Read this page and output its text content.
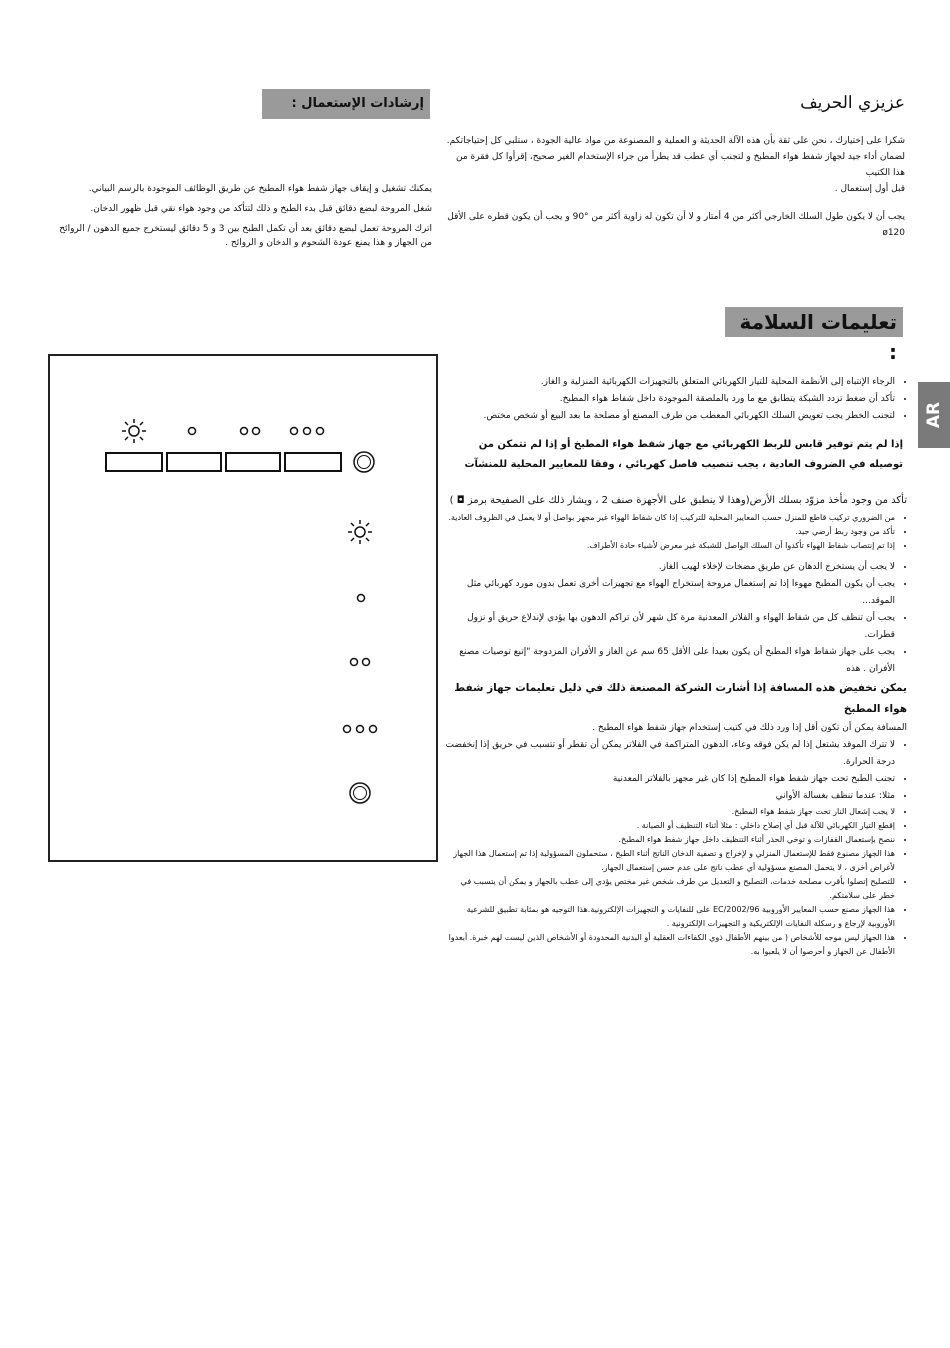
إرشادات الإستعمال :	عزيزي الحريف

شكرا على إختيارك ، نحن على ثقة بأن هذه الآلة الحديثة و العملية و المصنوعة من مواد عالية الجودة ، ستلبي كل إحتياجاتكم.
لضمان أداء جيد لجهاز شفط هواء المطبخ و لتجنب أي عطب قد يطرأ من جراء الإستخدام الغير صحيح، إقرأوا كل فقرة من هذا الكتيب
قبل أول إستعمال .

يجب أن لا يكون طول السلك الخارجي أكثر من 4 أمتار و لا أن تكون له زاوية أكثر من °90 و يجب أن يكون قطره على الأقل ø120

يمكنك تشغيل و إيقاف جهاز شفط هواء المطبخ عن طريق الوظائف الموجودة بالرسم البياني.

شغل المروحة لبضع دقائق قبل بدء الطبخ و ذلك لتتأكد من وجود هواء نقي قبل ظهور الدخان.

اترك المروحة تعمل لبضع دقائق بعد أن تكمل الطبخ بين 3 و 5 دقائق ليستخرج جميع الدهون / الروائح من الجهاز و هذا يمنع عودة الشحوم و الدخان و الروائح .

تعليمات السلامة :
AR
• الرجاء الإنتباه إلى الأنظمة المحلية للتيار الكهربائي المتعلق بالتجهيزات الكهربائية المنزلية و الغاز.
• تأكد أن ضغط تردد الشبكة يتطابق مع ما ورد بالملصقة الموجودة داخل شفاط هواء المطبخ.
• لتجنب الخطر يجب تعويض السلك الكهربائي المعطب من طرف المصنع أو مصلحة ما بعد البيع أو شخص مختص.
إذا لم يتم توفير قابس للربط الكهربائي مع جهاز شفط هواء المطبخ أو إذا لم تتمكن من توصيله في الضروف العادية ، يجب تنصيب فاصل كهربائي ، وفقا للمعايير المحلية للمنشآت
تأكد من وجود مأخذ مزوّد بسلك الأرض(وهذا لا ينطبق على الأجهزة صنف 2 ، ويشار ذلك على الصفيحة برمز ◘ )
• من الضروري تركيب قاطع للمنزل حسب المعايير المحلية للتركيب إذا كان شفاط الهواء غير مجهز بواصل أو لا يعمل في الظروف العادية.
• تأكد من وجود ربط أرضي جيد.
• إذا تم إنتصاب شفاط الهواء تأكدوا أن السلك الواصل للشبكة غير معرض لأشياء حادة الأطراف.
• لا يجب أن يستخرج الدهان عن طريق مضخات لإخلاء لهيب الغاز.
• يجب أن يكون المطبخ مهوءا إذا تم إستعمال مروحة إستخراج الهواء مع تجهيزات أخرى تعمل بدون مورد كهربائي مثل الموقد...
• يجب أن تنظف كل من شفاط الهواء و الفلاتر المعدنية مرة كل شهر لأن تراكم الدهون بها يؤدي لإندلاع حريق أو نزول قطرات.
• يجب على جهاز شفاط هواء المطبخ أن يكون بعيدا على الأقل 65 سم عن الغاز و الأفران المزدوجة "إتبع توصيات مصنع الأفران . هذه
يمكن تخفيض هذه المسافة إذا أشارت الشركة المصنعة ذلك في دليل تعليمات جهاز شفط هواء المطبخ
المسافة يمكن أن تكون أقل إذا ورد ذلك في كتيب إستخدام جهاز شفط هواء المطبخ .
• لا تترك الموقد يشتعل إذا لم يكن فوقه وعاء، الدهون المتراكمة في الفلاتر يمكن أن تقطر أو تتسبب في حريق إذا إنخفضت درجة الحرارة.
• تجنب الطبخ تحت جهاز شفط هواء المطبخ إذا كان غير مجهز بالفلاتر المعدنية
• مثلا: عندما تنظف بغسالة الأواني
• لا يجب إشعال النار تحت جهاز شفط هواء المطبخ.
• إقطع التيار الكهربائي للآلة قبل أي إصلاح داخلي : مثلا أثناء التنظيف أو الصيانة .
• ننصح بإستعمال القفازات و توخي الحذر أثناء التنظيف داخل جهاز شفط هواء المطبخ.
• هذا الجهاز مصنوع فقط للإستعمال المنزلي و لإخراج و تصفية الدخان الناتج أثناء الطبخ ، ستحملون المسؤولية إذا تم إستعمال هذا الجهاز لأغراض أخرى ، لا يتحمل المصنع مسؤولية أي عطب ناتج على عدم حسن إستعمال الجهاز.
• للتصليح إتصلوا بأقرب مصلحة خدمات، التصليح و التعديل من طرف شخص غير مختص يؤدي إلى عطب بالجهاز و يمكن أن يتسبب في خطر على سلامتكم.
• هذا الجهاز مصنع حسب المعايير الأوروبية 2002/96/EC على للنفايات و التجهيزات الإلكترونية.هذا التوجيه هو بمثابة تطبيق للشرعية الأوروبية لإرجاع و رسكلة النفايات الإلكتريكية و التجهيزات الإلكترونية .
• هذا الجهاز ليس موجه للأشخاص ( من بينهم الأطفال ذوي الكفاءات العقلية أو البدنية المحدودة أو الأشخاص الذين ليست لهم خبرة. أبعدوا الأطفال عن الجهاز و أحرصوا أن لا يلعبوا به.
